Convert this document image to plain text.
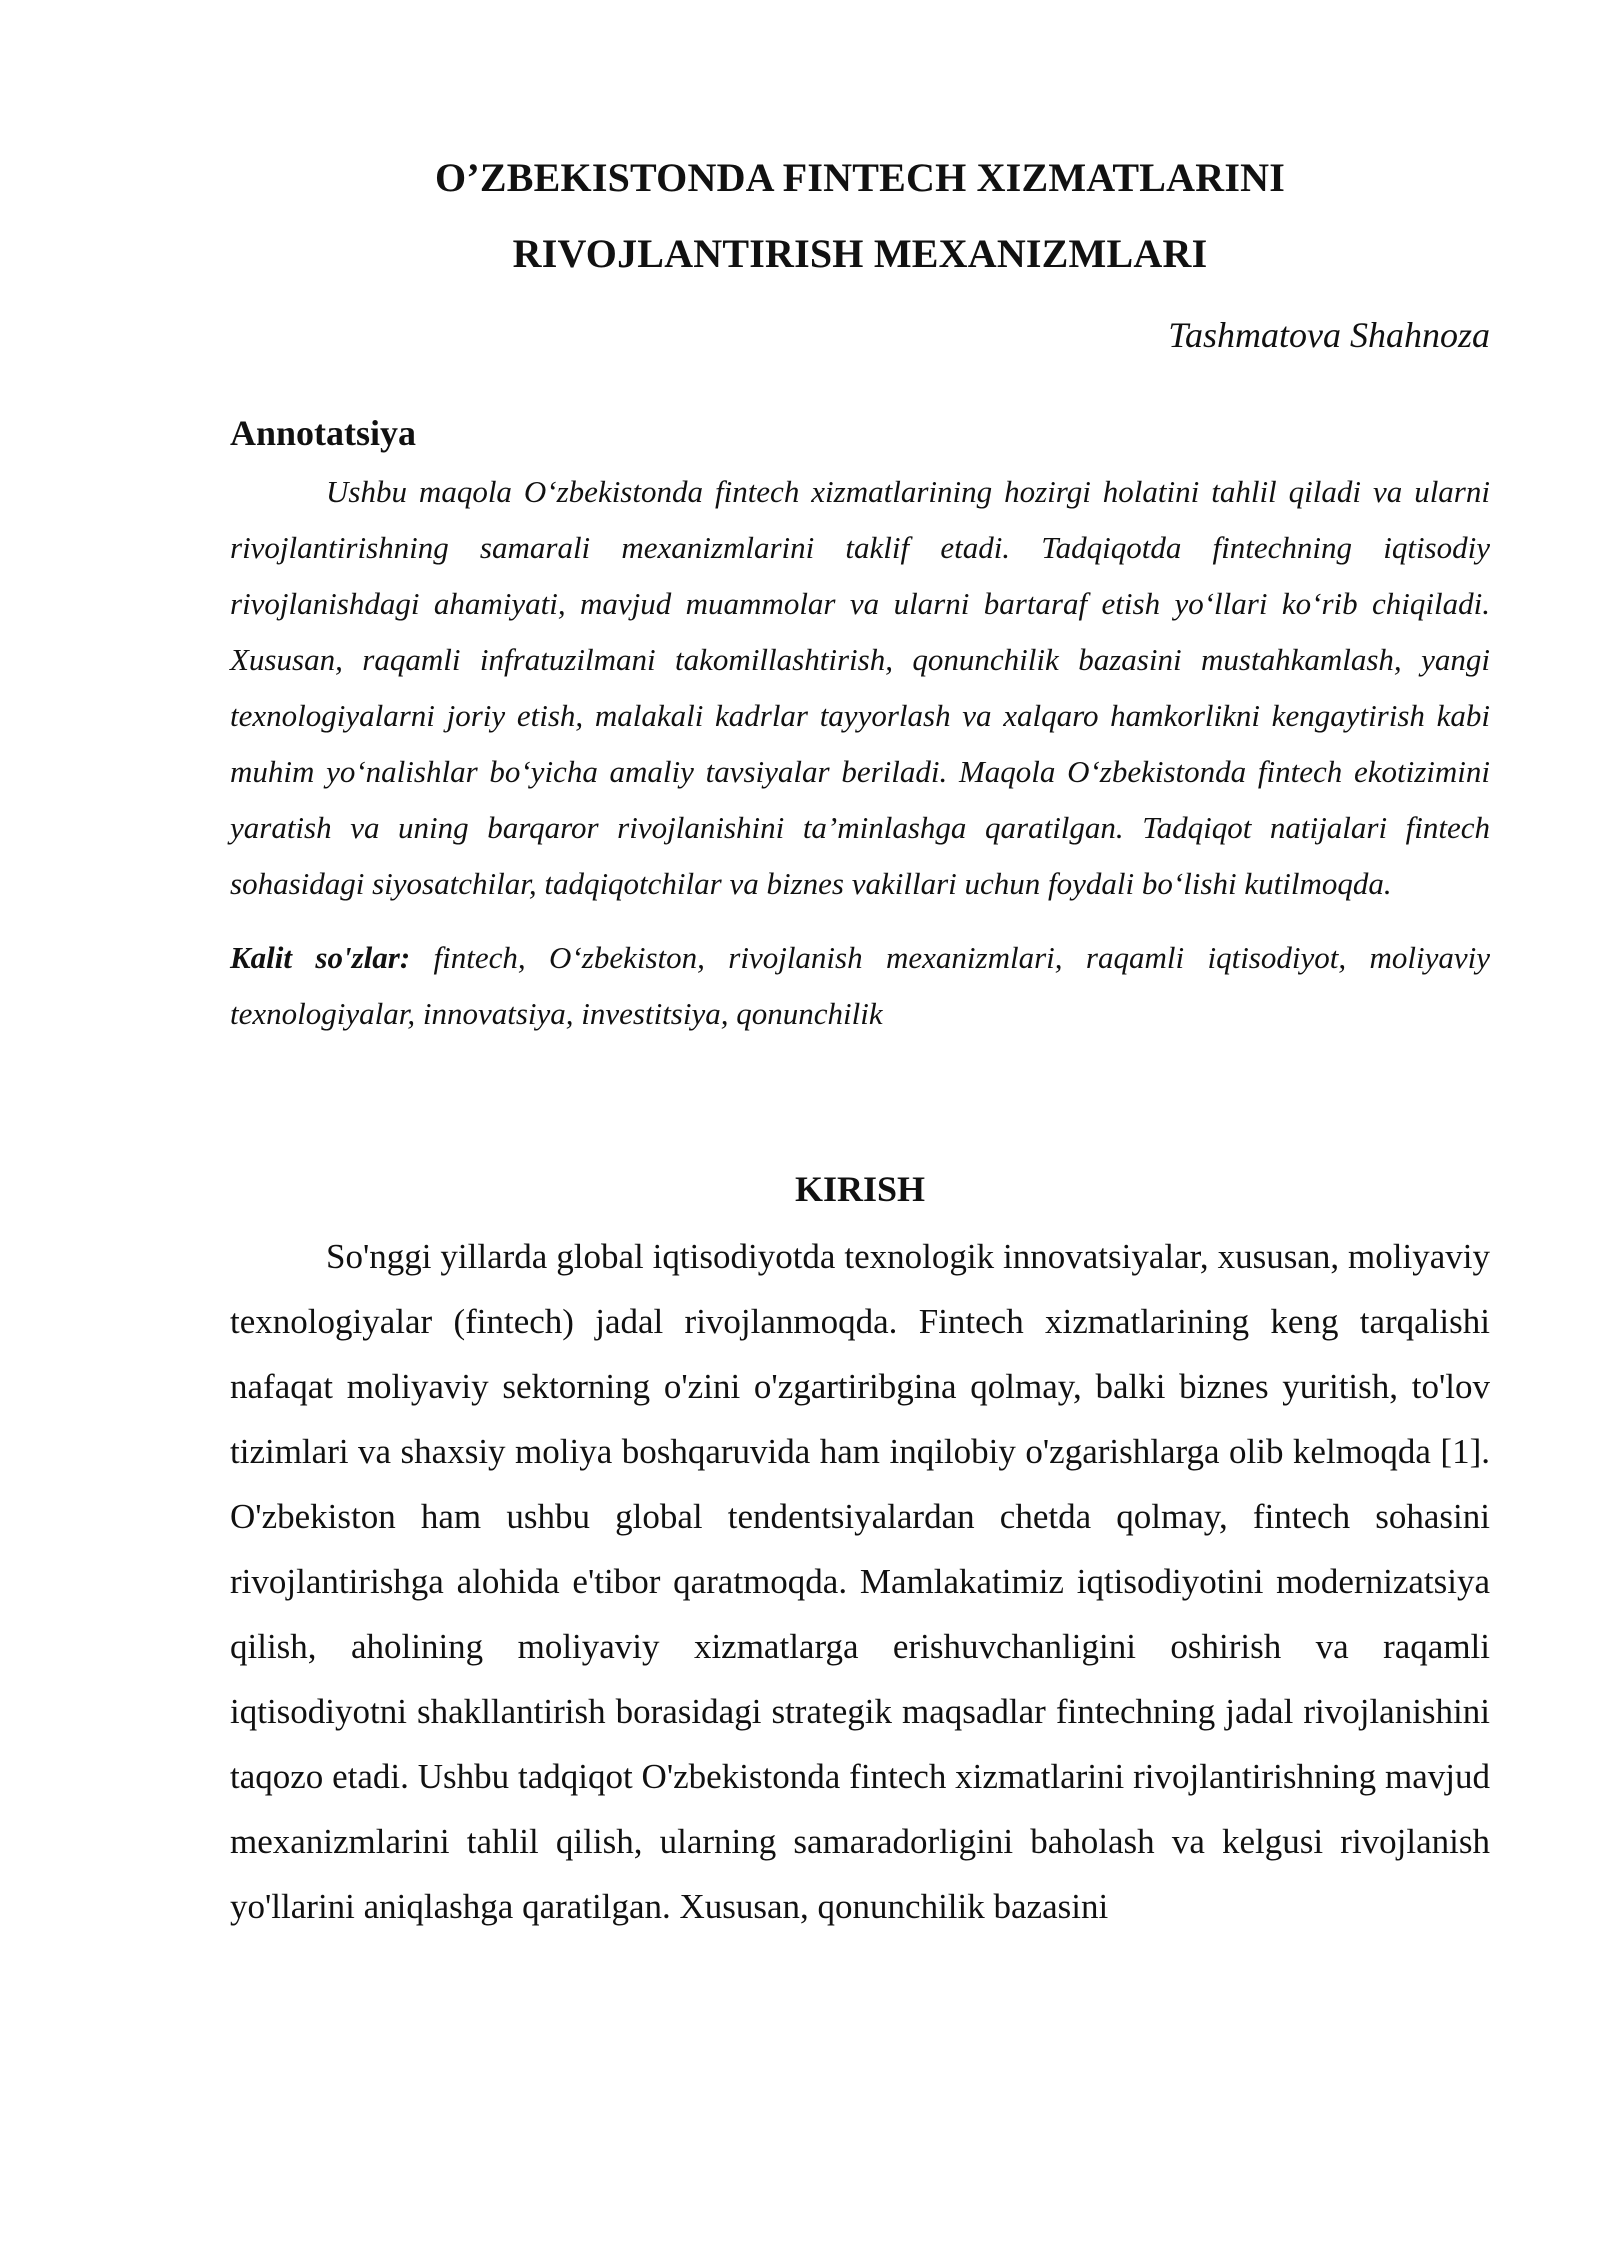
O’ZBEKISTONDA FINTECH XIZMATLARINI
RIVOJLANTIRISH MEXANIZMLARI
Tashmatova Shahnoza
Annotatsiya

Ushbu maqola O‘zbekistonda fintech xizmatlarining hozirgi holatini tahlil qiladi va ularni rivojlantirishning samarali mexanizmlarini taklif etadi. Tadqiqotda fintechning iqtisodiy rivojlanishdagi ahamiyati, mavjud muammolar va ularni bartaraf etish yo‘llari ko‘rib chiqiladi. Xususan, raqamli infratuzilmani takomillashtirish, qonunchilik bazasini mustahkamlash, yangi texnologiyalarni joriy etish, malakali kadrlar tayyorlash va xalqaro hamkorlikni kengaytirish kabi muhim yo‘nalishlar bo‘yicha amaliy tavsiyalar beriladi. Maqola O‘zbekistonda fintech ekotizimini yaratish va uning barqaror rivojlanishini ta’minlashga qaratilgan. Tadqiqot natijalari fintech sohasidagi siyosatchilar, tadqiqotchilar va biznes vakillari uchun foydali bo‘lishi kutilmoqda.

Kalit so'zlar: fintech, O‘zbekiston, rivojlanish mexanizmlari, raqamli iqtisodiyot, moliyaviy texnologiyalar, innovatsiya, investitsiya, qonunchilik
KIRISH

So'nggi yillarda global iqtisodiyotda texnologik innovatsiyalar, xususan, moliyaviy texnologiyalar (fintech) jadal rivojlanmoqda. Fintech xizmatlarining keng tarqalishi nafaqat moliyaviy sektorning o'zini o'zgartiribgina qolmay, balki biznes yuritish, to'lov tizimlari va shaxsiy moliya boshqaruvida ham inqilobiy o'zgarishlarga olib kelmoqda [1]. O'zbekiston ham ushbu global tendentsiyalardan chetda qolmay, fintech sohasini rivojlantirishga alohida e'tibor qaratmoqda. Mamlakatimiz iqtisodiyotini modernizatsiya qilish, aholining moliyaviy xizmatlarga erishuvchanligini oshirish va raqamli iqtisodiyotni shakllantirish borasidagi strategik maqsadlar fintechning jadal rivojlanishini taqozo etadi. Ushbu tadqiqot O'zbekistonda fintech xizmatlarini rivojlantirishning mavjud mexanizmlarini tahlil qilish, ularning samaradorligini baholash va kelgusi rivojlanish yo'llarini aniqlashga qaratilgan. Xususan, qonunchilik bazasini
